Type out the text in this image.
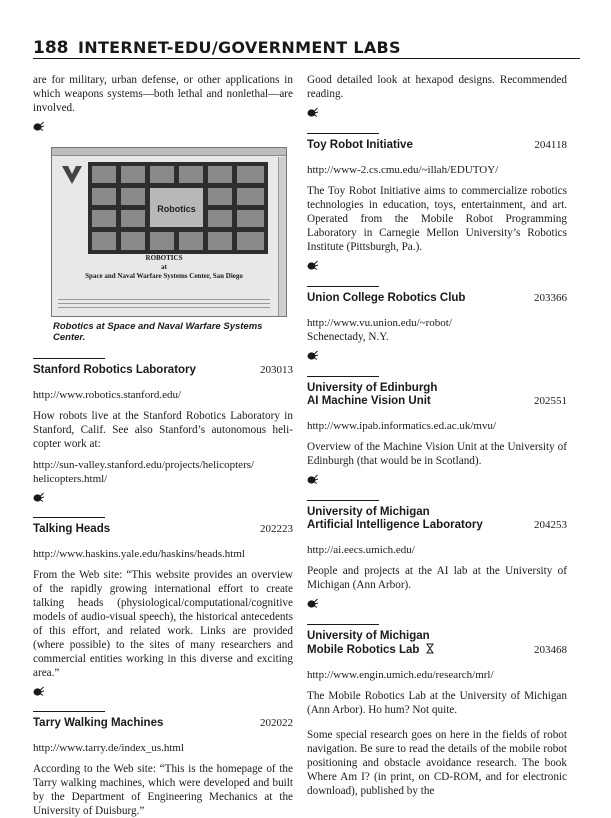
188 INTERNET-EDU/GOVERNMENT LABS

are for military, urban defense, or other applications in which weapons systems—both lethal and nonlethal—are involved.

Robotics
ROBOTICS
at
Space and Naval Warfare Systems Center, San Diego
Robotics at Space and Naval Warfare Systems Center.
Stanford Robotics Laboratory	203013

http://www.robotics.stanford.edu/

How robots live at the Stanford Robotics Laboratory in Stanford, Calif. See also Stanford’s autonomous helicopter work at:

http://sun-valley.stanford.edu/projects/helicopters/ helicopters.html/

Talking Heads	202223

http://www.haskins.yale.edu/haskins/heads.html

From the Web site: “This website provides an overview of the rapidly growing international effort to create talking heads (physiological/computational/cognitive models of audio-visual speech), the historical antecedents of this effort, and related work. Links are provided (where possible) to the sites of many researchers and commercial entities working in this diverse and exciting area.”

Tarry Walking Machines	202022

http://www.tarry.de/index_us.html

According to the Web site: “This is the homepage of the Tarry walking machines, which were developed and built by the Department of Engineering Mechanics at the University of Duisburg.”

Good detailed look at hexapod designs. Recommended reading.

Toy Robot Initiative	204118

http://www-2.cs.cmu.edu/~illah/EDUTOY/

The Toy Robot Initiative aims to commercialize robotics technologies in education, toys, entertainment, and art. Operated from the Mobile Robot Programming Laboratory in Carnegie Mellon University’s Robotics Institute (Pittsburgh, Pa.).

Union College Robotics Club	203366

http://www.vu.union.edu/~robot/

Schenectady, N.Y.

University of Edinburgh
AI Machine Vision Unit	202551

http://www.ipab.informatics.ed.ac.uk/mvu/

Overview of the Machine Vision Unit at the University of Edinburgh (that would be in Scotland).

University of Michigan
Artificial Intelligence Laboratory	204253

http://ai.eecs.umich.edu/

People and projects at the AI lab at the University of Michigan (Ann Arbor).

University of Michigan
Mobile Robotics Lab	203468

http://www.engin.umich.edu/research/mrl/

The Mobile Robotics Lab at the University of Michigan (Ann Arbor). Ho hum? Not quite.

Some special research goes on here in the fields of robot navigation. Be sure to read the details of the mobile robot positioning and obstacle avoidance research. The book Where Am I? (in print, on CD-ROM, and for electronic download), published by the
